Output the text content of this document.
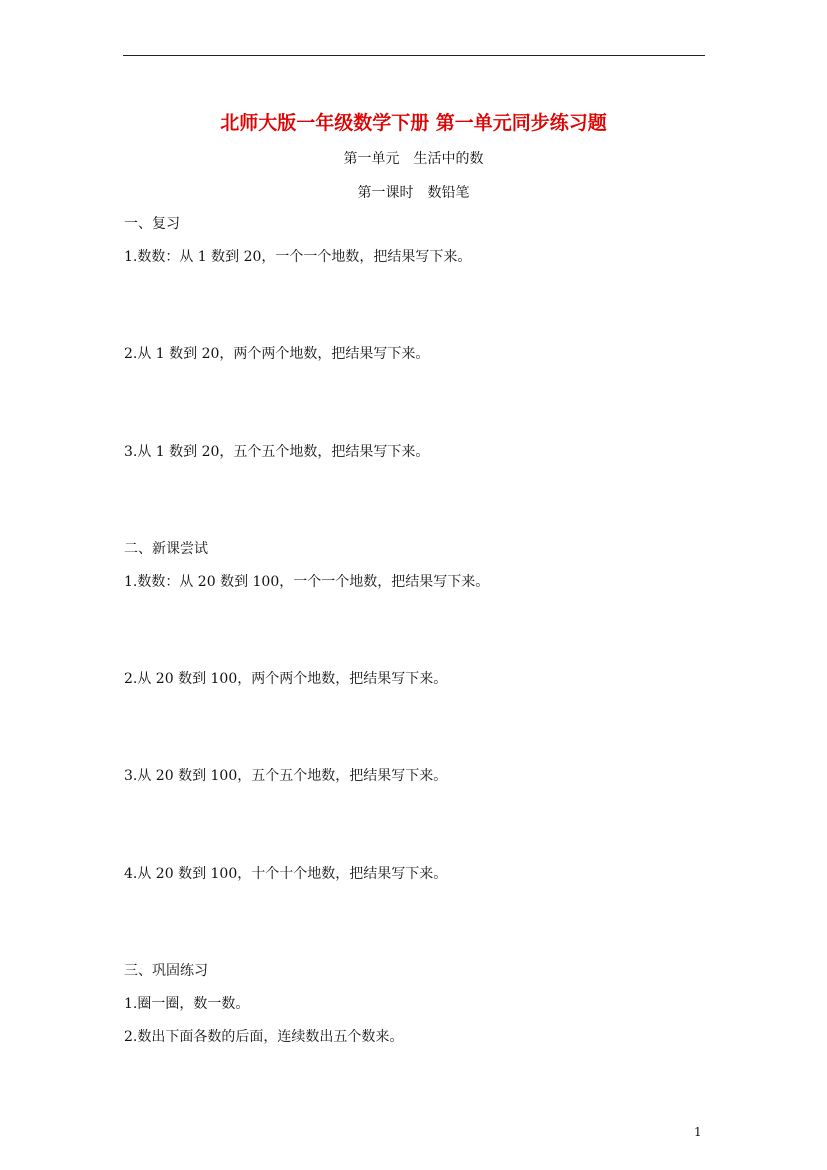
北师大版一年级数学下册 第一单元同步练习题
第一单元　生活中的数
第一课时　数铅笔
一、复习
1.数数：从 1 数到 20，一个一个地数，把结果写下来。
2.从 1 数到 20，两个两个地数，把结果写下来。
3.从 1 数到 20，五个五个地数，把结果写下来。
二、新课尝试
1.数数：从 20 数到 100，一个一个地数，把结果写下来。
2.从 20 数到 100，两个两个地数，把结果写下来。
3.从 20 数到 100，五个五个地数，把结果写下来。
4.从 20 数到 100，十个十个地数，把结果写下来。
三、巩固练习
1.圈一圈，数一数。
2.数出下面各数的后面，连续数出五个数来。
1
